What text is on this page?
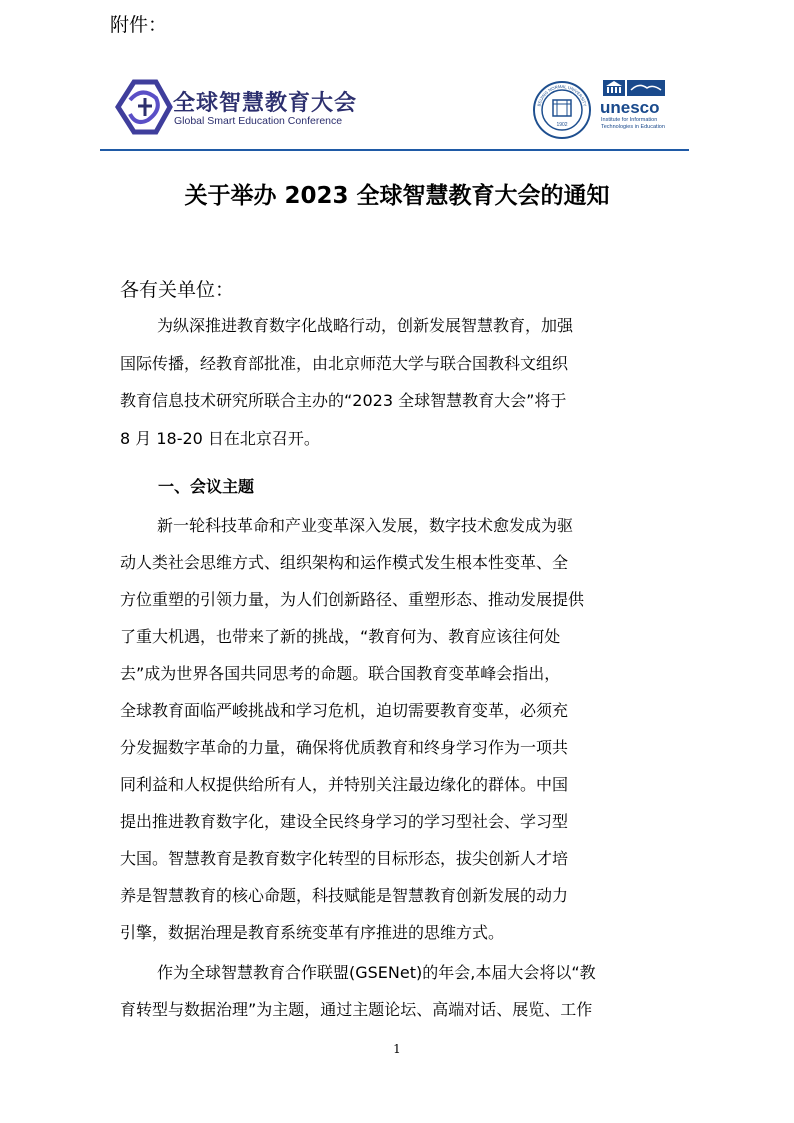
附件：
全球智慧教育大会
Global Smart Education Conference	1902
BEIJING NORMAL UNIVERSITY unesco
Institute for Information
Technologies in Education
关于举办 2023 全球智慧教育大会的通知
各有关单位：
为纵深推进教育数字化战略行动，创新发展智慧教育，加强
国际传播，经教育部批准，由北京师范大学与联合国教科文组织
教育信息技术研究所联合主办的“2023 全球智慧教育大会”将于
8 月 18-20 日在北京召开。
一、会议主题
新一轮科技革命和产业变革深入发展，数字技术愈发成为驱
动人类社会思维方式、组织架构和运作模式发生根本性变革、全
方位重塑的引领力量，为人们创新路径、重塑形态、推动发展提供
了重大机遇，也带来了新的挑战，“教育何为、教育应该往何处
去”成为世界各国共同思考的命题。联合国教育变革峰会指出，
全球教育面临严峻挑战和学习危机，迫切需要教育变革，必须充
分发掘数字革命的力量，确保将优质教育和终身学习作为一项共
同利益和人权提供给所有人，并特别关注最边缘化的群体。中国
提出推进教育数字化，建设全民终身学习的学习型社会、学习型
大国。智慧教育是教育数字化转型的目标形态，拔尖创新人才培
养是智慧教育的核心命题，科技赋能是智慧教育创新发展的动力
引擎，数据治理是教育系统变革有序推进的思维方式。
作为全球智慧教育合作联盟(GSENet)的年会,本届大会将以“教
育转型与数据治理”为主题，通过主题论坛、高端对话、展览、工作
1
